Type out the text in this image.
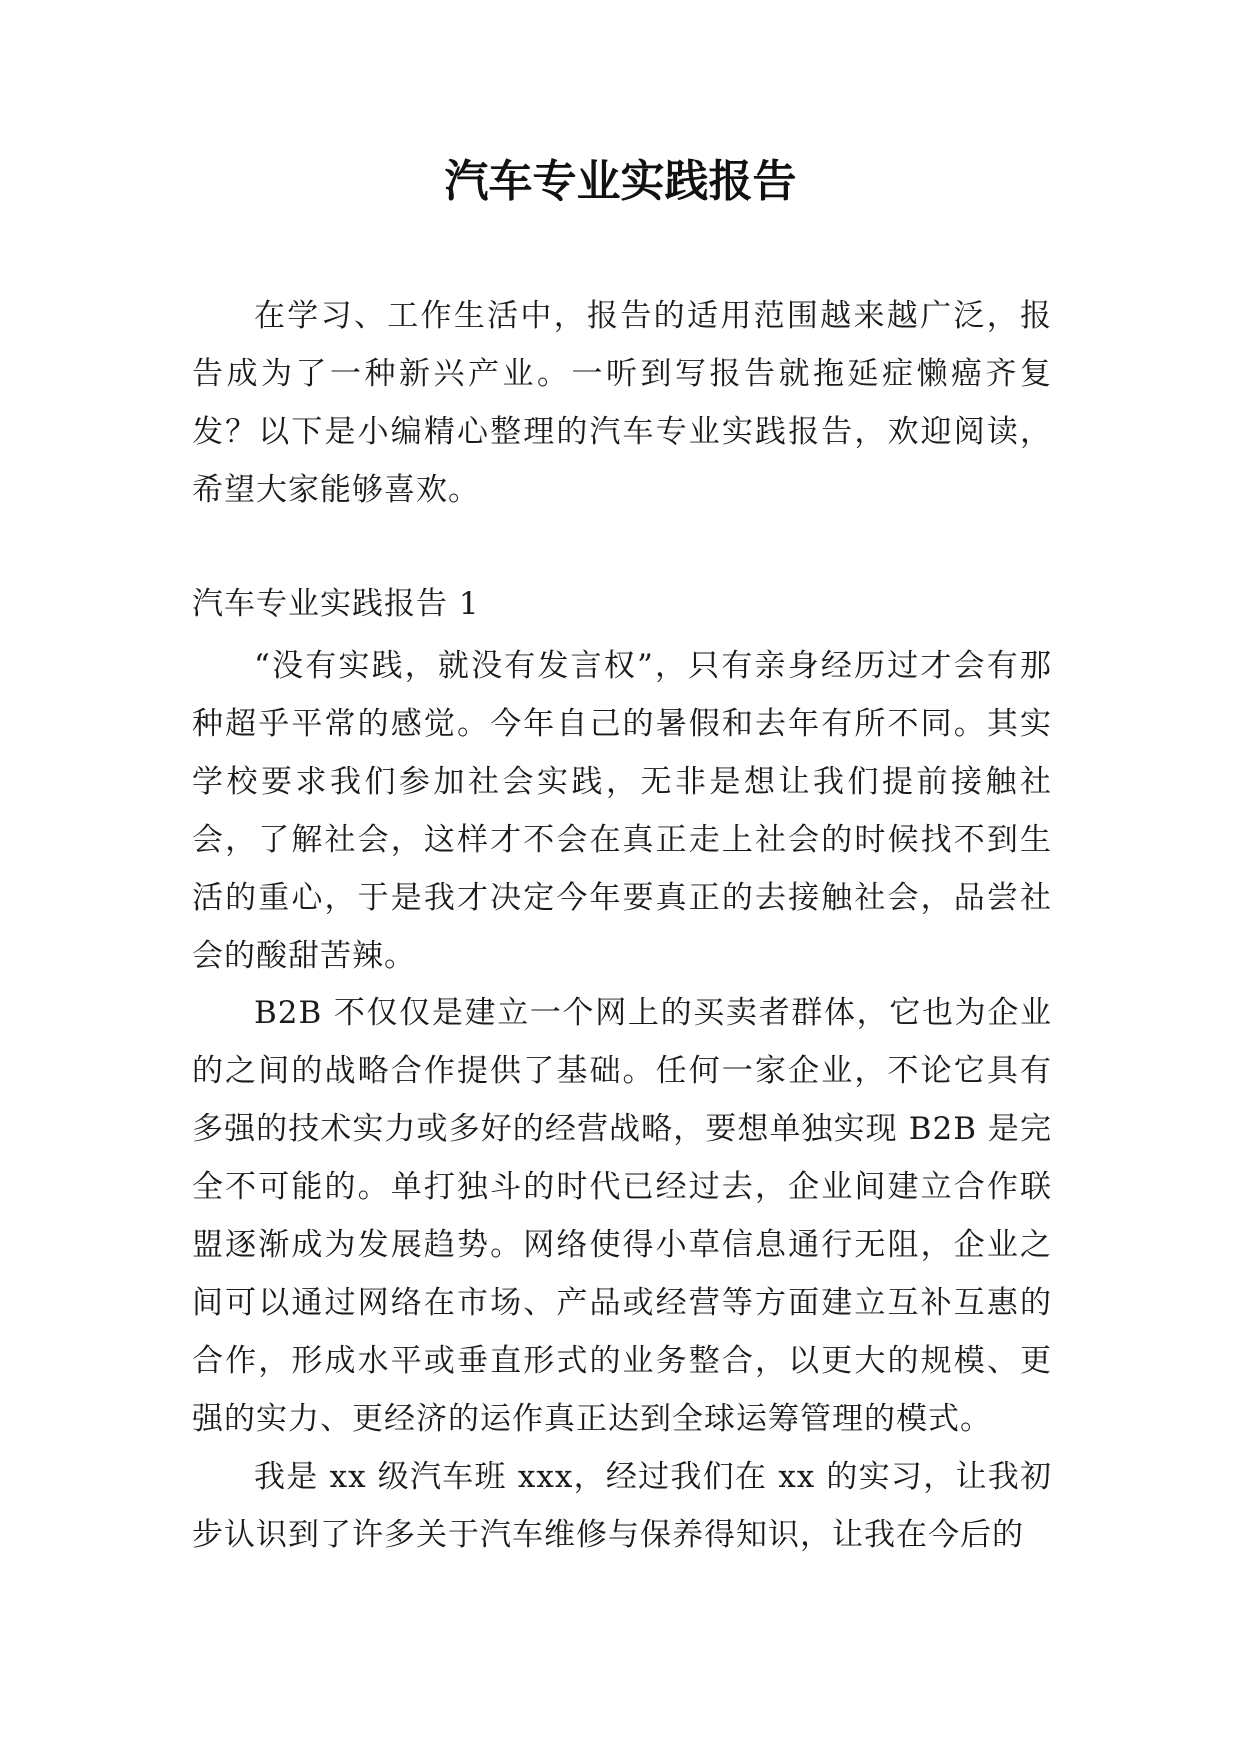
汽车专业实践报告

在学习、工作生活中，报告的适用范围越来越广泛，报告成为了一种新兴产业。一听到写报告就拖延症懒癌齐复发？以下是小编精心整理的汽车专业实践报告，欢迎阅读，希望大家能够喜欢。

汽车专业实践报告 1

“没有实践，就没有发言权”，只有亲身经历过才会有那种超乎平常的感觉。今年自己的暑假和去年有所不同。其实学校要求我们参加社会实践，无非是想让我们提前接触社会，了解社会，这样才不会在真正走上社会的时候找不到生活的重心，于是我才决定今年要真正的去接触社会，品尝社会的酸甜苦辣。

B2B 不仅仅是建立一个网上的买卖者群体，它也为企业的之间的战略合作提供了基础。任何一家企业，不论它具有多强的技术实力或多好的经营战略，要想单独实现 B2B 是完全不可能的。单打独斗的时代已经过去，企业间建立合作联盟逐渐成为发展趋势。网络使得小草信息通行无阻，企业之间可以通过网络在市场、产品或经营等方面建立互补互惠的合作，形成水平或垂直形式的业务整合，以更大的规模、更强的实力、更经济的运作真正达到全球运筹管理的模式。

我是 xx 级汽车班 xxx，经过我们在 xx 的实习，让我初步认识到了许多关于汽车维修与保养得知识，让我在今后的
